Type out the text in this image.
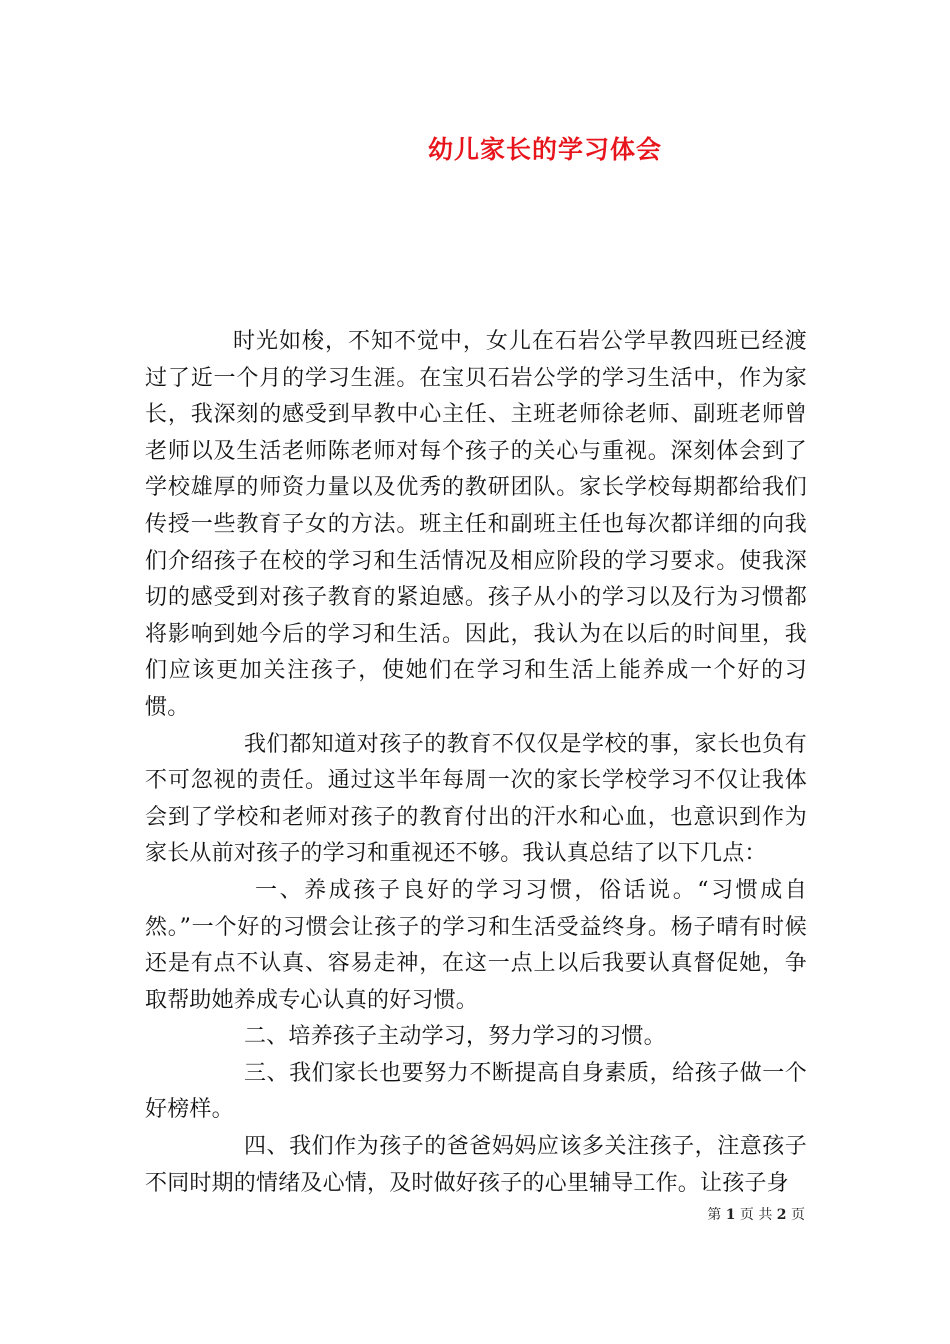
幼儿家长的学习体会

时光如梭，不知不觉中，女儿在石岩公学早教四班已经渡过了近一个月的学习生涯。在宝贝石岩公学的学习生活中，作为家长，我深刻的感受到早教中心主任、主班老师徐老师、副班老师曾老师以及生活老师陈老师对每个孩子的关心与重视。深刻体会到了学校雄厚的师资力量以及优秀的教研团队。家长学校每期都给我们传授一些教育子女的方法。班主任和副班主任也每次都详细的向我们介绍孩子在校的学习和生活情况及相应阶段的学习要求。使我深切的感受到对孩子教育的紧迫感。孩子从小的学习以及行为习惯都将影响到她今后的学习和生活。因此，我认为在以后的时间里，我们应该更加关注孩子，使她们在学习和生活上能养成一个好的习惯。

我们都知道对孩子的教育不仅仅是学校的事，家长也负有不可忽视的责任。通过这半年每周一次的家长学校学习不仅让我体会到了学校和老师对孩子的教育付出的汗水和心血，也意识到作为家长从前对孩子的学习和重视还不够。我认真总结了以下几点：

一、养成孩子良好的学习习惯，俗话说。“习惯成自然。”一个好的习惯会让孩子的学习和生活受益终身。杨子晴有时候还是有点不认真、容易走神，在这一点上以后我要认真督促她，争取帮助她养成专心认真的好习惯。

二、培养孩子主动学习，努力学习的习惯。

三、我们家长也要努力不断提高自身素质，给孩子做一个好榜样。

四、我们作为孩子的爸爸妈妈应该多关注孩子，注意孩子不同时期的情绪及心情，及时做好孩子的心里辅导工作。让孩子身

第 1 页 共 2 页
